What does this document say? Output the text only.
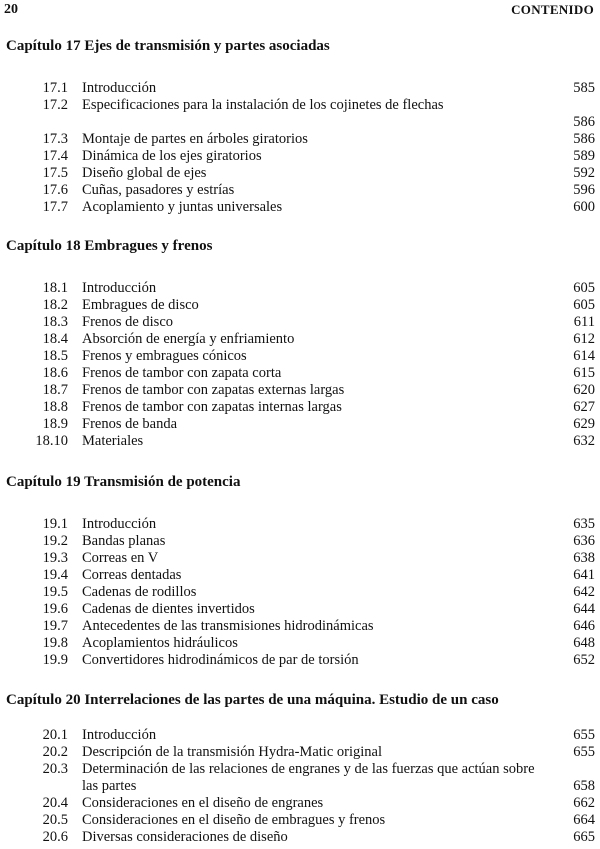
20	CONTENIDO
Capítulo 17 Ejes de transmisión y partes asociadas
17.1 Introducción	585
17.2 Especificaciones para la instalación de los cojinetes de flechas
586
17.3 Montaje de partes en árboles giratorios	586
17.4 Dinámica de los ejes giratorios	589
17.5 Diseño global de ejes	592
17.6 Cuñas, pasadores y estrías	596
17.7 Acoplamiento y juntas universales	600
Capítulo 18 Embragues y frenos
18.1 Introducción	605
18.2 Embragues de disco	605
18.3 Frenos de disco	611
18.4 Absorción de energía y enfriamiento	612
18.5 Frenos y embragues cónicos	614
18.6 Frenos de tambor con zapata corta	615
18.7 Frenos de tambor con zapatas externas largas	620
18.8 Frenos de tambor con zapatas internas largas	627
18.9 Frenos de banda	629
18.10 Materiales	632
Capítulo 19 Transmisión de potencia
19.1 Introducción	635
19.2 Bandas planas	636
19.3 Correas en V	638
19.4 Correas dentadas	641
19.5 Cadenas de rodillos	642
19.6 Cadenas de dientes invertidos	644
19.7 Antecedentes de las transmisiones hidrodinámicas	646
19.8 Acoplamientos hidráulicos	648
19.9 Convertidores hidrodinámicos de par de torsión	652
Capítulo 20 Interrelaciones de las partes de una máquina. Estudio de un caso
20.1 Introducción	655
20.2 Descripción de la transmisión Hydra-Matic original	655
20.3 Determinación de las relaciones de engranes y de las fuerzas que actúan sobre las partes	658
20.4 Consideraciones en el diseño de engranes	662
20.5 Consideraciones en el diseño de embragues y frenos	664
20.6 Diversas consideraciones de diseño	665
